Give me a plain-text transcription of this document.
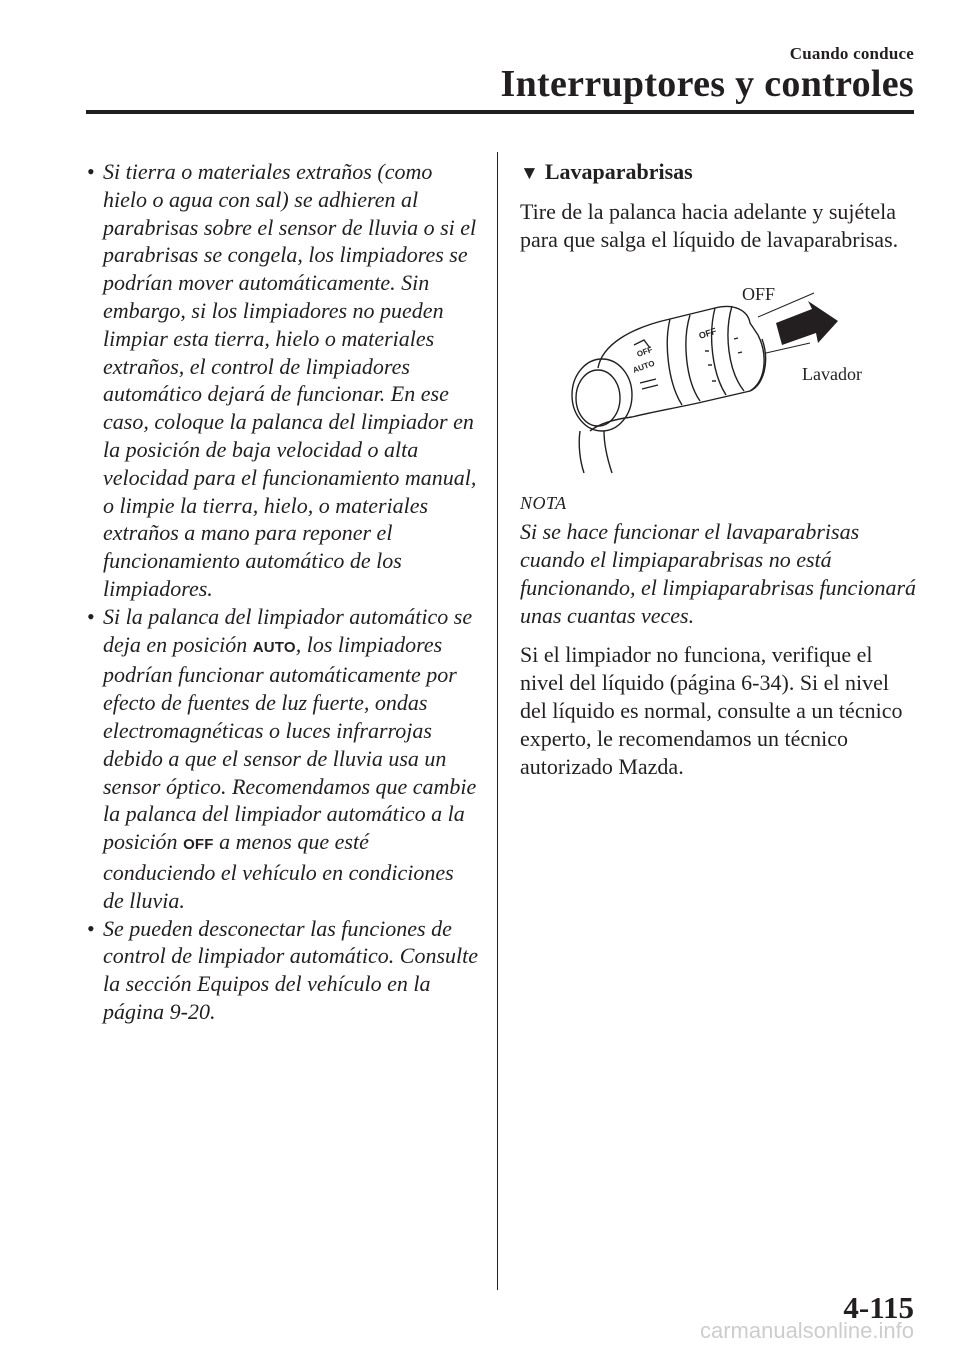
Cuando conduce
Interruptores y controles
• Si tierra o materiales extraños (como hielo o agua con sal) se adhieren al parabrisas sobre el sensor de lluvia o si el parabrisas se congela, los limpiadores se podrían mover automáticamente. Sin embargo, si los limpiadores no pueden limpiar esta tierra, hielo o materiales extraños, el control de limpiadores automático dejará de funcionar. En ese caso, coloque la palanca del limpiador en la posición de baja velocidad o alta velocidad para el funcionamiento manual, o limpie la tierra, hielo, o materiales extraños a mano para reponer el funcionamiento automático de los limpiadores.
• Si la palanca del limpiador automático se deja en posición AUTO, los limpiadores podrían funcionar automáticamente por efecto de fuentes de luz fuerte, ondas electromagnéticas o luces infrarrojas debido a que el sensor de lluvia usa un sensor óptico. Recomendamos que cambie la palanca del limpiador automático a la posición OFF a menos que esté conduciendo el vehículo en condiciones de lluvia.
• Se pueden desconectar las funciones de control de limpiador automático. Consulte la sección Equipos del vehículo en la página 9-20.
▼ Lavaparabrisas

Tire de la palanca hacia adelante y sujétela para que salga el líquido de lavaparabrisas.

OFF
OFF
AUTO
OFF
Lavador
NOTA
Si se hace funcionar el lavaparabrisas cuando el limpiaparabrisas no está funcionando, el limpiaparabrisas funcionará unas cuantas veces.

Si el limpiador no funciona, verifique el nivel del líquido (página 6-34). Si el nivel del líquido es normal, consulte a un técnico experto, le recomendamos un técnico autorizado Mazda.

4-115
carmanualsonline.info
